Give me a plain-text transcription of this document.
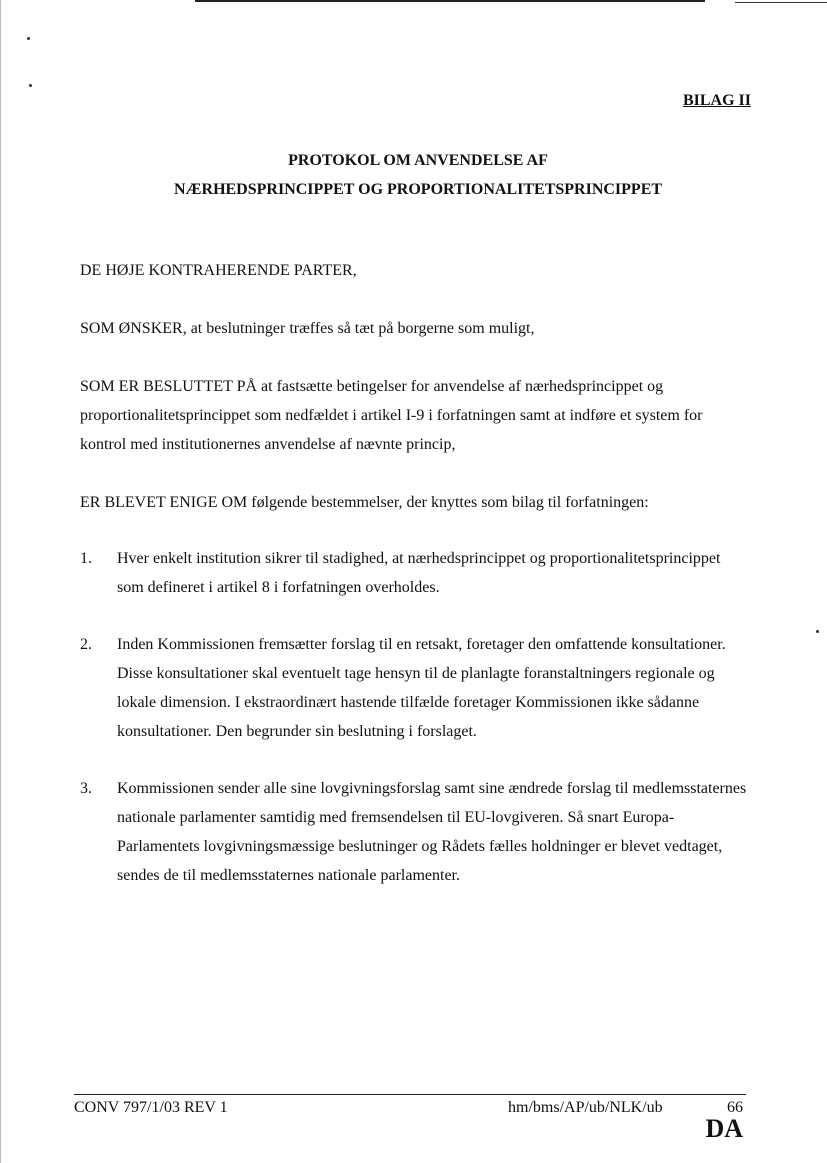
BILAG II
PROTOKOL OM ANVENDELSE AF
NÆRHEDSPRINCIPPET OG PROPORTIONALITETSPRINCIPPET
DE HØJE KONTRAHERENDE PARTER,
SOM ØNSKER, at beslutninger træffes så tæt på borgerne som muligt,
SOM ER BESLUTTET PÅ at fastsætte betingelser for anvendelse af nærhedsprincippet og proportionalitetsprincippet som nedfældet i artikel I-9 i forfatningen samt at indføre et system for kontrol med institutionernes anvendelse af nævnte princip,
ER BLEVET ENIGE OM følgende bestemmelser, der knyttes som bilag til forfatningen:
1. Hver enkelt institution sikrer til stadighed, at nærhedsprincippet og proportionalitetsprincippet som defineret i artikel 8 i forfatningen overholdes.
2. Inden Kommissionen fremsætter forslag til en retsakt, foretager den omfattende konsultationer. Disse konsultationer skal eventuelt tage hensyn til de planlagte foranstaltningers regionale og lokale dimension. I ekstraordinært hastende tilfælde foretager Kommissionen ikke sådanne konsultationer. Den begrunder sin beslutning i forslaget.
3. Kommissionen sender alle sine lovgivningsforslag samt sine ændrede forslag til medlemsstaternes nationale parlamenter samtidig med fremsendelsen til EU-lovgiveren. Så snart Europa-Parlamentets lovgivningsmæssige beslutninger og Rådets fælles holdninger er blevet vedtaget, sendes de til medlemsstaternes nationale parlamenter.
CONV 797/1/03 REV 1	hm/bms/AP/ub/NLK/ub	66
DA
